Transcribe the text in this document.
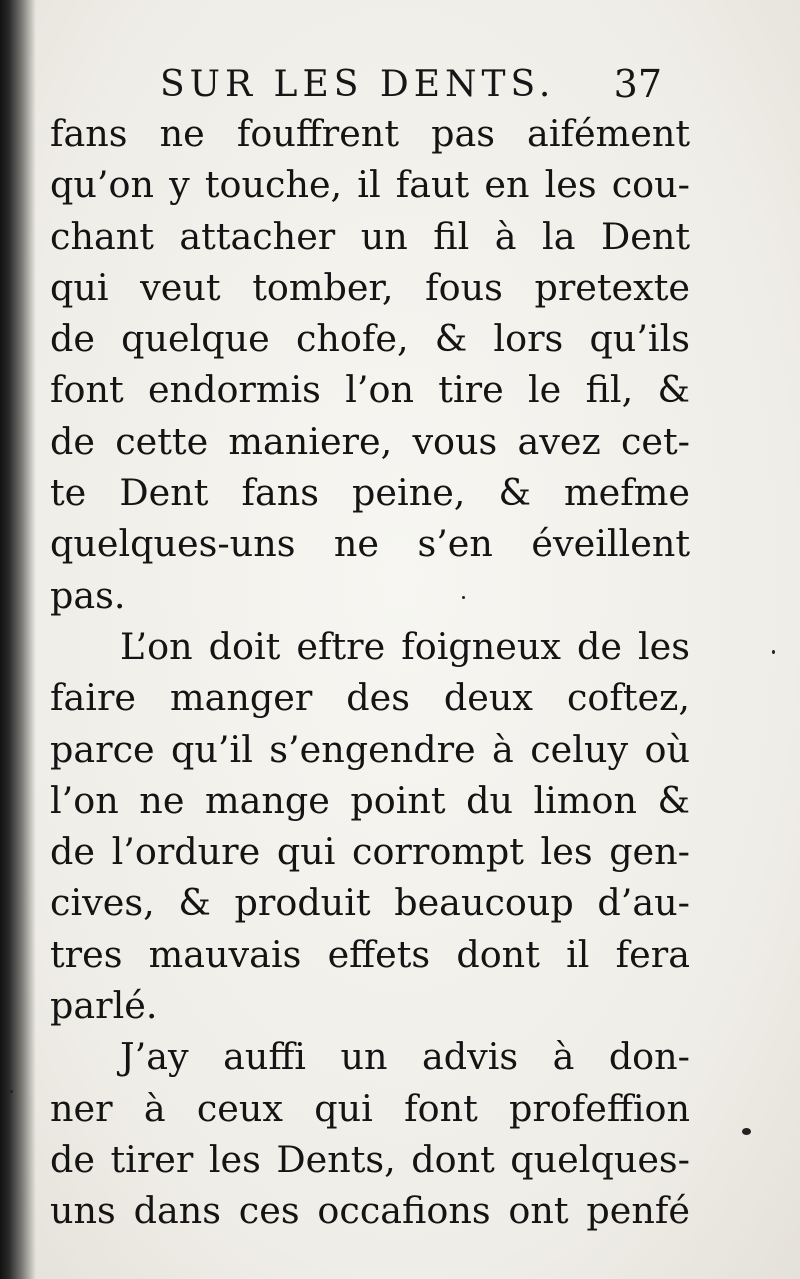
SUR LES DENTS. 37
fans ne fouffrent pas aifément
qu’on y touche, il faut en les cou-
chant attacher un fil à la Dent
qui veut tomber, fous pretexte
de quelque chofe, & lors qu’ils
font endormis l’on tire le fil, &
de cette maniere, vous avez cet-
te Dent fans peine, & mefme
quelques-uns ne s’en éveillent
pas.
L’on doit eftre foigneux de les
faire manger des deux coftez,
parce qu’il s’engendre à celuy où
l’on ne mange point du limon &
de l’ordure qui corrompt les gen-
cives, & produit beaucoup d’au-
tres mauvais effets dont il fera
parlé.
J’ay auffi un advis à don-
ner à ceux qui font profeffion
de tirer les Dents, dont quelques-
uns dans ces occafions ont penfé
